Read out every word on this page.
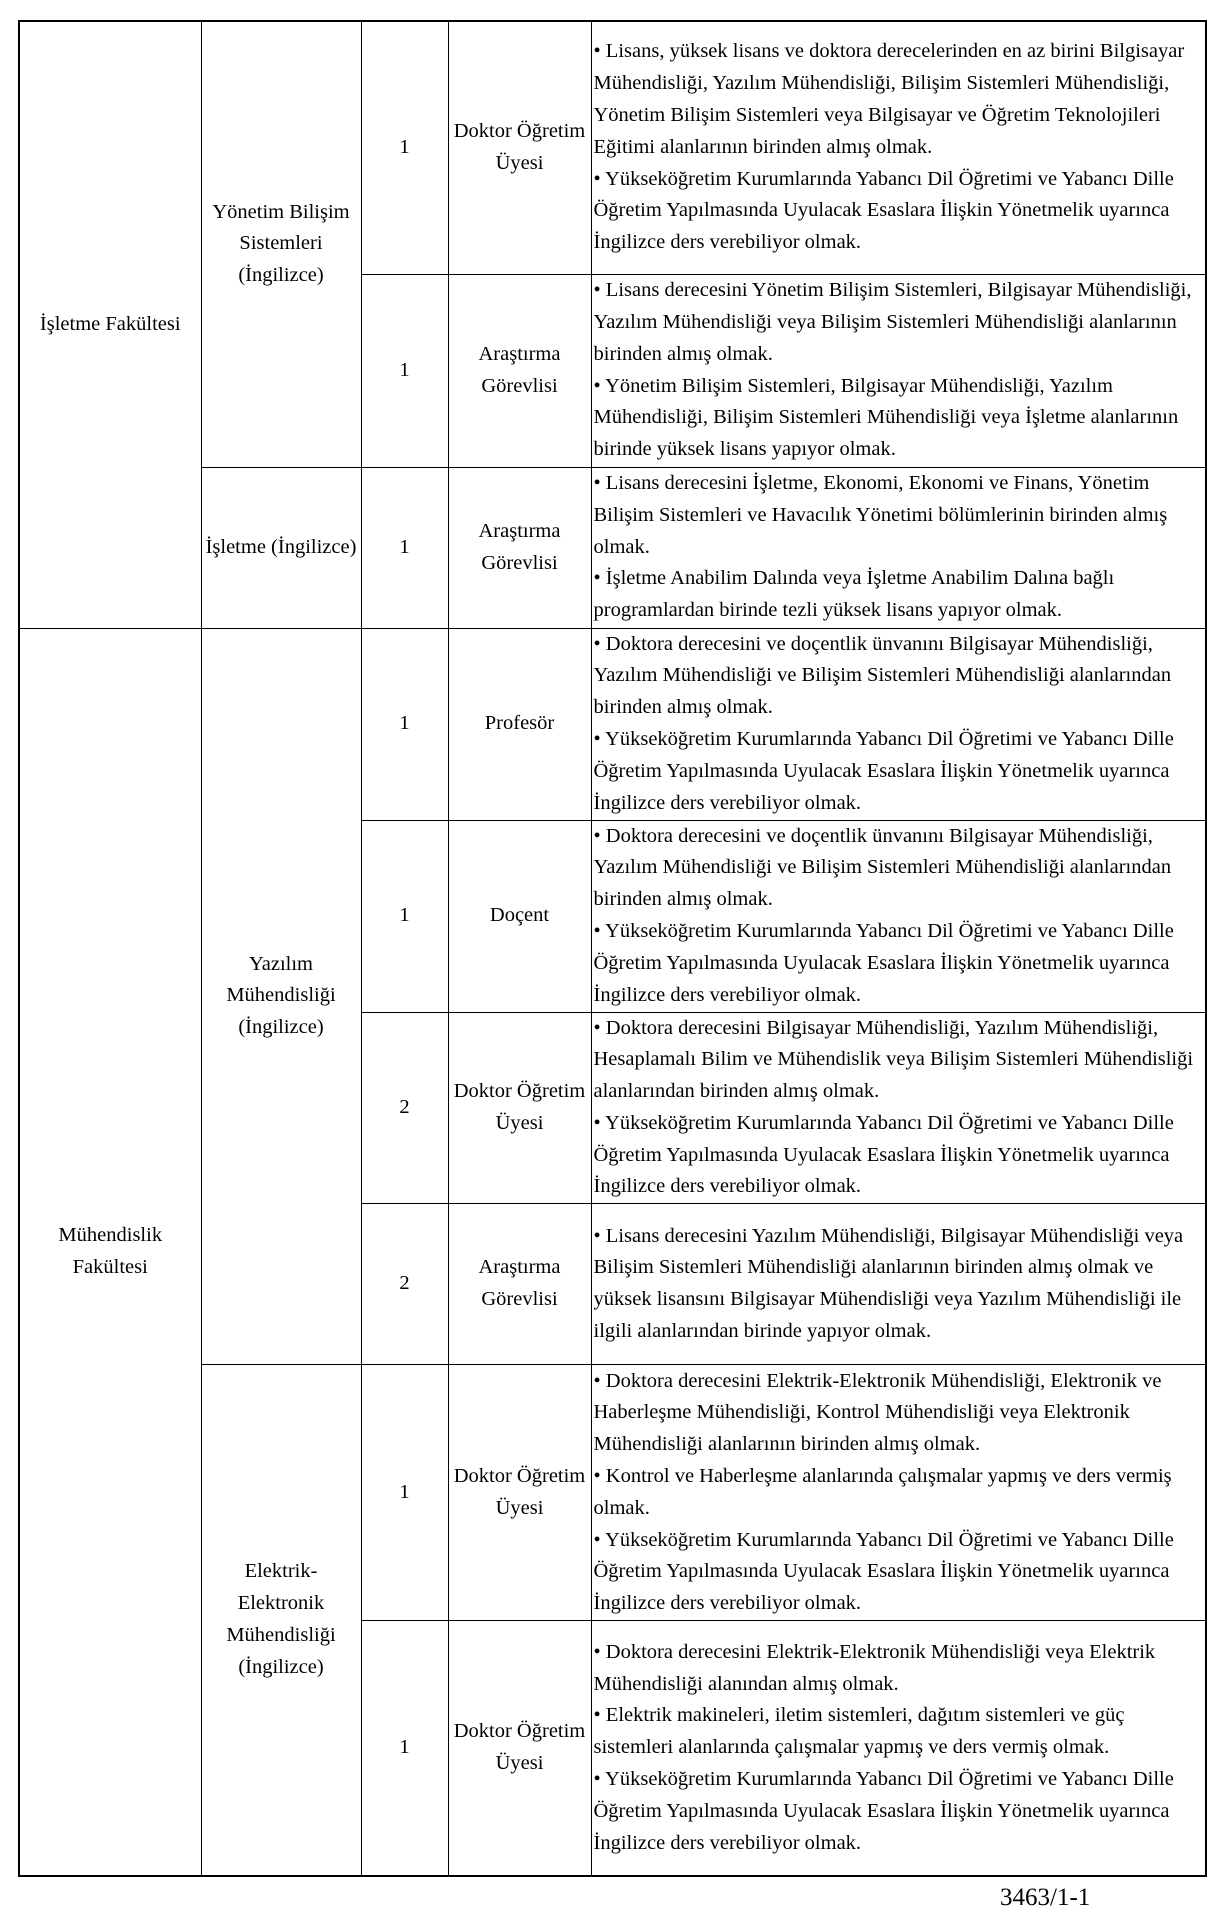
İşletme Fakültesi	Yönetim Bilişim Sistemleri (İngilizce)	1	Doktor Öğretim Üyesi	• Lisans, yüksek lisans ve doktora derecelerinden en az birini Bilgisayar Mühendisliği, Yazılım Mühendisliği, Bilişim Sistemleri Mühendisliği, Yönetim Bilişim Sistemleri veya Bilgisayar ve Öğretim Teknolojileri Eğitimi alanlarının birinden almış olmak.

• Yükseköğretim Kurumlarında Yabancı Dil Öğretimi ve Yabancı Dille Öğretim Yapılmasında Uyulacak Esaslara İlişkin Yönetmelik uyarınca İngilizce ders verebiliyor olmak.

		1	Araştırma Görevlisi	• Lisans derecesini Yönetim Bilişim Sistemleri, Bilgisayar Mühendisliği, Yazılım Mühendisliği veya Bilişim Sistemleri Mühendisliği alanlarının birinden almış olmak.

• Yönetim Bilişim Sistemleri, Bilgisayar Mühendisliği, Yazılım Mühendisliği, Bilişim Sistemleri Mühendisliği veya İşletme alanlarının birinde yüksek lisans yapıyor olmak.

	İşletme (İngilizce)	1	Araştırma Görevlisi	• Lisans derecesini İşletme, Ekonomi, Ekonomi ve Finans, Yönetim Bilişim Sistemleri ve Havacılık Yönetimi bölümlerinin birinden almış olmak.

• İşletme Anabilim Dalında veya İşletme Anabilim Dalına bağlı programlardan birinde tezli yüksek lisans yapıyor olmak.

Mühendislik Fakültesi	Yazılım Mühendisliği (İngilizce)	1	Profesör	• Doktora derecesini ve doçentlik ünvanını Bilgisayar Mühendisliği, Yazılım Mühendisliği ve Bilişim Sistemleri Mühendisliği alanlarından birinden almış olmak.

• Yükseköğretim Kurumlarında Yabancı Dil Öğretimi ve Yabancı Dille Öğretim Yapılmasında Uyulacak Esaslara İlişkin Yönetmelik uyarınca İngilizce ders verebiliyor olmak.

		1	Doçent	• Doktora derecesini ve doçentlik ünvanını Bilgisayar Mühendisliği, Yazılım Mühendisliği ve Bilişim Sistemleri Mühendisliği alanlarından birinden almış olmak.

• Yükseköğretim Kurumlarında Yabancı Dil Öğretimi ve Yabancı Dille Öğretim Yapılmasında Uyulacak Esaslara İlişkin Yönetmelik uyarınca İngilizce ders verebiliyor olmak.

		2	Doktor Öğretim Üyesi	• Doktora derecesini Bilgisayar Mühendisliği, Yazılım Mühendisliği, Hesaplamalı Bilim ve Mühendislik veya Bilişim Sistemleri Mühendisliği alanlarından birinden almış olmak.

• Yükseköğretim Kurumlarında Yabancı Dil Öğretimi ve Yabancı Dille Öğretim Yapılmasında Uyulacak Esaslara İlişkin Yönetmelik uyarınca İngilizce ders verebiliyor olmak.

		2	Araştırma Görevlisi	• Lisans derecesini Yazılım Mühendisliği, Bilgisayar Mühendisliği veya Bilişim Sistemleri Mühendisliği alanlarının birinden almış olmak ve yüksek lisansını Bilgisayar Mühendisliği veya Yazılım Mühendisliği ile ilgili alanlarından birinde yapıyor olmak.

	Elektrik-Elektronik Mühendisliği (İngilizce)	1	Doktor Öğretim Üyesi	• Doktora derecesini Elektrik-Elektronik Mühendisliği, Elektronik ve Haberleşme Mühendisliği, Kontrol Mühendisliği veya Elektronik Mühendisliği alanlarının birinden almış olmak.

• Kontrol ve Haberleşme alanlarında çalışmalar yapmış ve ders vermiş olmak.

• Yükseköğretim Kurumlarında Yabancı Dil Öğretimi ve Yabancı Dille Öğretim Yapılmasında Uyulacak Esaslara İlişkin Yönetmelik uyarınca İngilizce ders verebiliyor olmak.

		1	Doktor Öğretim Üyesi	• Doktora derecesini Elektrik-Elektronik Mühendisliği veya Elektrik Mühendisliği alanından almış olmak.

• Elektrik makineleri, iletim sistemleri, dağıtım sistemleri ve güç sistemleri alanlarında çalışmalar yapmış ve ders vermiş olmak.

• Yükseköğretim Kurumlarında Yabancı Dil Öğretimi ve Yabancı Dille Öğretim Yapılmasında Uyulacak Esaslara İlişkin Yönetmelik uyarınca İngilizce ders verebiliyor olmak.

3463/1-1
